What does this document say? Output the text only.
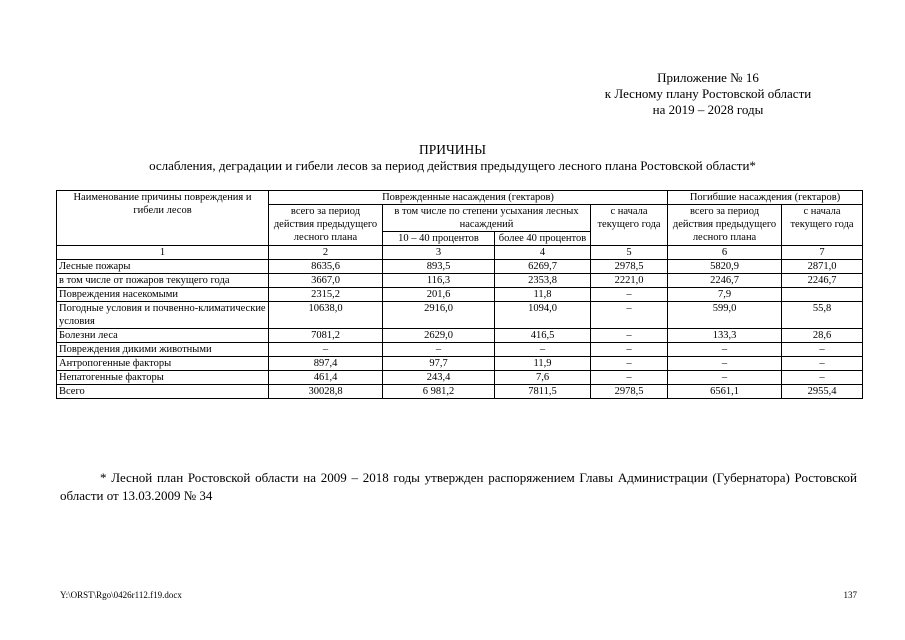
Приложение № 16
к Лесному плану Ростовской области
на 2019 – 2028 годы
ПРИЧИНЫ
ослабления, деградации и гибели лесов за период действия предыдущего лесного плана Ростовской области*
Наименование причины повреждения и гибели лесов	Поврежденные насаждения (гектаров)				Погибшие насаждения (гектаров)	
	всего за период действия предыдущего лесного плана	в том числе по степени усыхания лесных насаждений		с начала текущего года	всего за период действия предыдущего лесного плана	с начала текущего года
		10 – 40 процентов	более 40 процентов			
1	2	3	4	5	6	7
Лесные пожары	8635,6	893,5	6269,7	2978,5	5820,9	2871,0
в том числе от пожаров текущего года	3667,0	116,3	2353,8	2221,0	2246,7	2246,7
Повреждения насекомыми	2315,2	201,6	11,8	–	7,9	
Погодные условия и почвенно-климатические условия	10638,0	2916,0	1094,0	–	599,0	55,8
Болезни леса	7081,2	2629,0	416,5	–	133,3	28,6
Повреждения дикими животными	–	–	–	–	–	–
Антропогенные факторы	897,4	97,7	11,9	–	–	–
Непатогенные факторы	461,4	243,4	7,6	–	–	–
Всего	30028,8	6 981,2	7811,5	2978,5	6561,1	2955,4
* Лесной план Ростовской области на 2009 – 2018 годы утвержден распоряжением Главы Администрации (Губернатора) Ростовской области от 13.03.2009 № 34
Y:\ORST\Rgo\0426r112.f19.docx	137
